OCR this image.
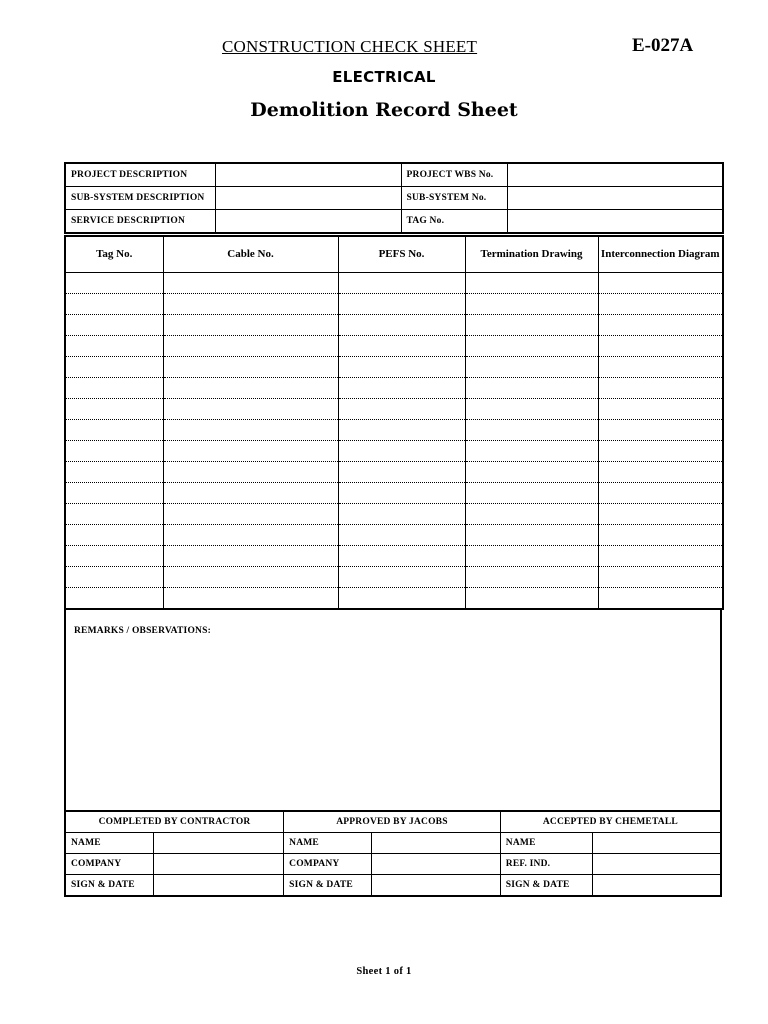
CONSTRUCTION CHECK SHEET	E-027A
ELECTRICAL
Demolition Record Sheet
PROJECT DESCRIPTION		PROJECT WBS No.	
SUB-SYSTEM DESCRIPTION		SUB-SYSTEM No.	
SERVICE DESCRIPTION		TAG No.	
Tag No.	Cable No.	PEFS No.	Termination Drawing	Interconnection Diagram

REMARKS / OBSERVATIONS:
COMPLETED BY CONTRACTOR		APPROVED BY JACOBS		ACCEPTED BY CHEMETALL	
NAME		NAME		NAME	
COMPANY		COMPANY		REF. IND.	
SIGN & DATE		SIGN & DATE		SIGN & DATE	
Sheet 1 of 1
